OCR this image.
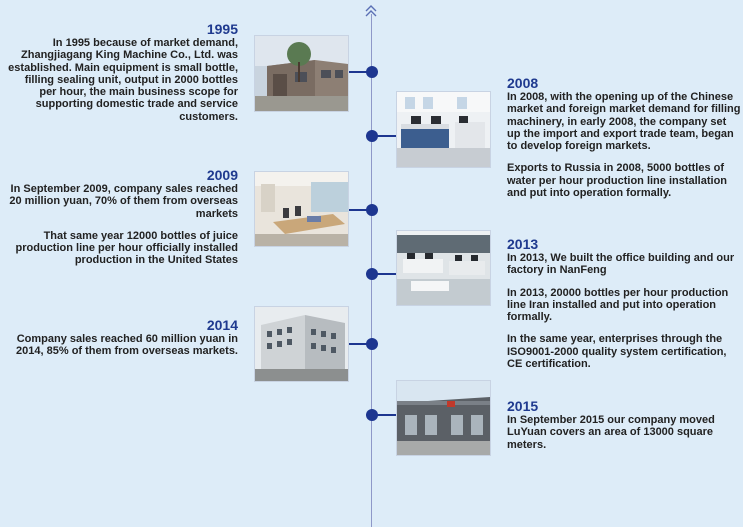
1995

In 1995 because of market demand, Zhangjiagang King Machine Co., Ltd. was established. Main equipment is small bottle, filling sealing unit, output in 2000 bottles per hour, the main business scope for supporting domestic trade and service customers.

2008

In 2008, with the opening up of the Chinese market and foreign market demand for filling machinery, in early 2008, the company set up the import and export trade team, began to develop foreign markets.

Exports to Russia in 2008, 5000 bottles of water per hour production line installation and put into operation formally.

2009

In September 2009, company sales reached 20 million yuan, 70% of them from overseas markets

That same year 12000 bottles of juice production line per hour officially installed production in the United States

2013

In 2013, We built the office building and our factory in NanFeng

In 2013, 20000 bottles per hour production line Iran installed and put into operation formally.

In the same year, enterprises through the ISO9001-2000 quality system certification, CE certification.

2014

Company sales reached 60 million yuan in 2014, 85% of them from overseas markets.

2015

In September 2015 our company moved LuYuan covers an area of 13000 square meters.
